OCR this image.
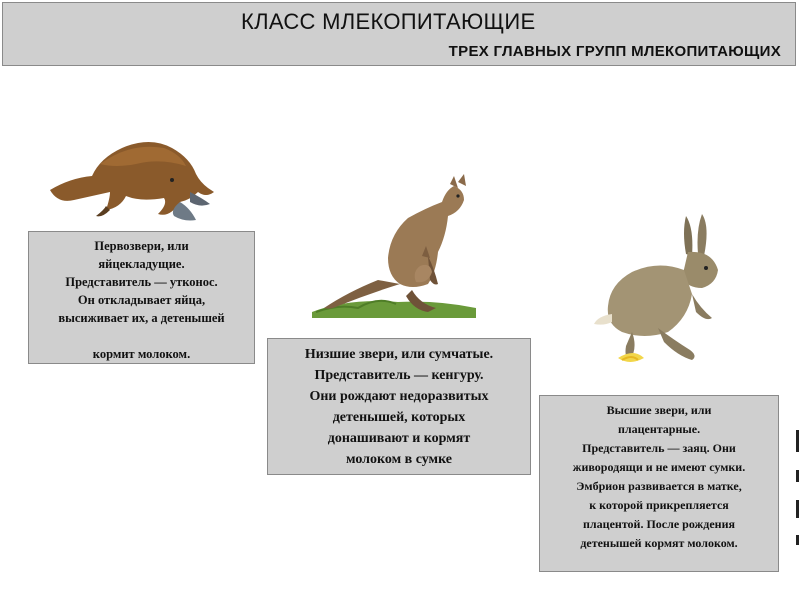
КЛАСС МЛЕКОПИТАЮЩИЕ
ТРЕХ ГЛАВНЫХ ГРУПП МЛЕКОПИТАЮЩИХ

Первозвери, или

яйцекладущие.

Представитель — утконос.

Он откладывает яйца,

высиживает их, а детенышей

кормит молоком.	Низшие звери, или сумчатые.

Представитель — кенгуру.

Они рождают недоразвитых

детенышей, которых

донашивают и кормят

молоком в сумке

Высшие звери, или

плацентарные.

Представитель — заяц. Они

живородящи и не имеют сумки.

Эмбрион развивается в матке,

к которой прикрепляется

плацентой. После рождения

детенышей кормят молоком.
